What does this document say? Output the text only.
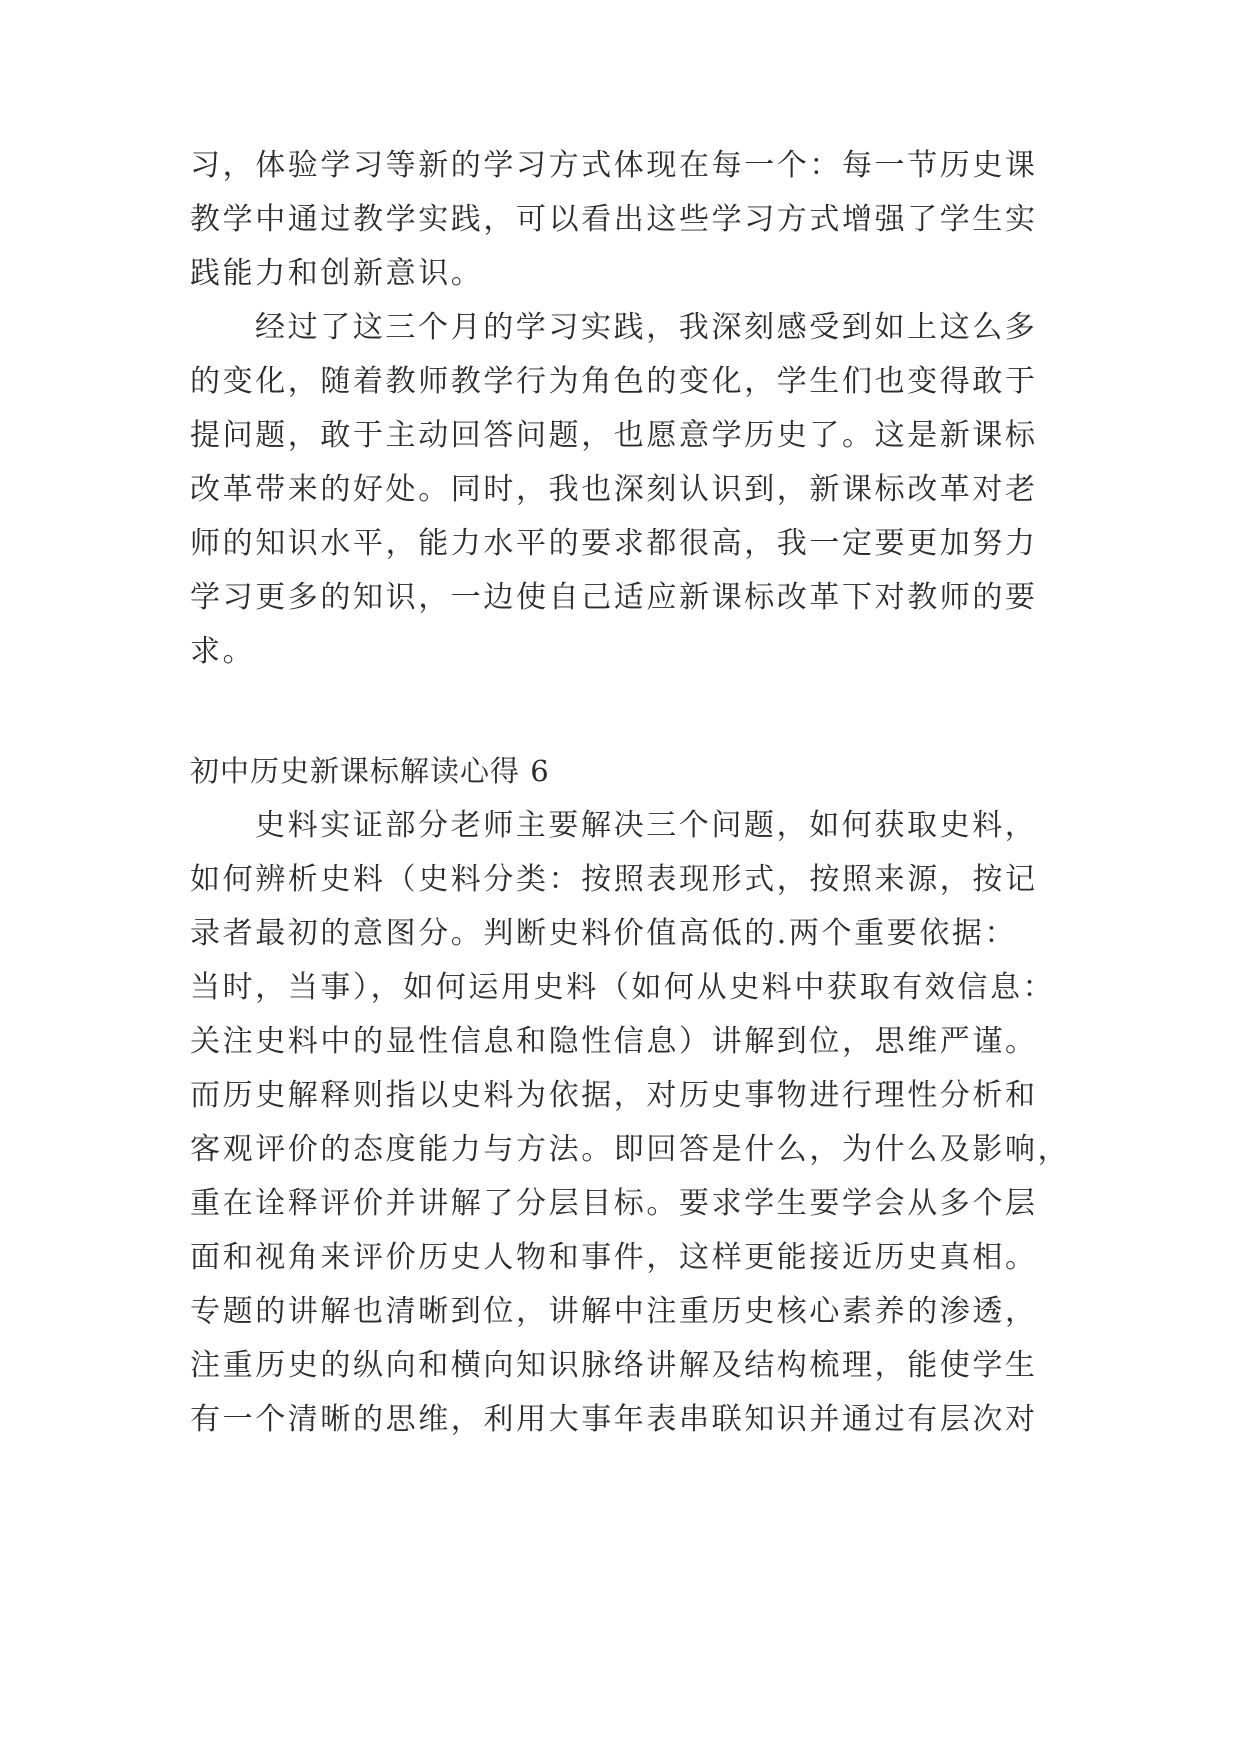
习，体验学习等新的学习方式体现在每一个：每一节历史课
教学中通过教学实践，可以看出这些学习方式增强了学生实
践能力和创新意识。
经过了这三个月的学习实践，我深刻感受到如上这么多
的变化，随着教师教学行为角色的变化，学生们也变得敢于
提问题，敢于主动回答问题，也愿意学历史了。这是新课标
改革带来的好处。同时，我也深刻认识到，新课标改革对老
师的知识水平，能力水平的要求都很高，我一定要更加努力
学习更多的知识，一边使自己适应新课标改革下对教师的要
求。
初中历史新课标解读心得 6
史料实证部分老师主要解决三个问题，如何获取史料，
如何辨析史料（史料分类：按照表现形式，按照来源，按记
录者最初的意图分。判断史料价值高低的.两个重要依据：
当时，当事），如何运用史料（如何从史料中获取有效信息：
关注史料中的显性信息和隐性信息）讲解到位，思维严谨。
而历史解释则指以史料为依据，对历史事物进行理性分析和
客观评价的态度能力与方法。即回答是什么，为什么及影响，
重在诠释评价并讲解了分层目标。要求学生要学会从多个层
面和视角来评价历史人物和事件，这样更能接近历史真相。
专题的讲解也清晰到位，讲解中注重历史核心素养的渗透，
注重历史的纵向和横向知识脉络讲解及结构梳理，能使学生
有一个清晰的思维，利用大事年表串联知识并通过有层次对
